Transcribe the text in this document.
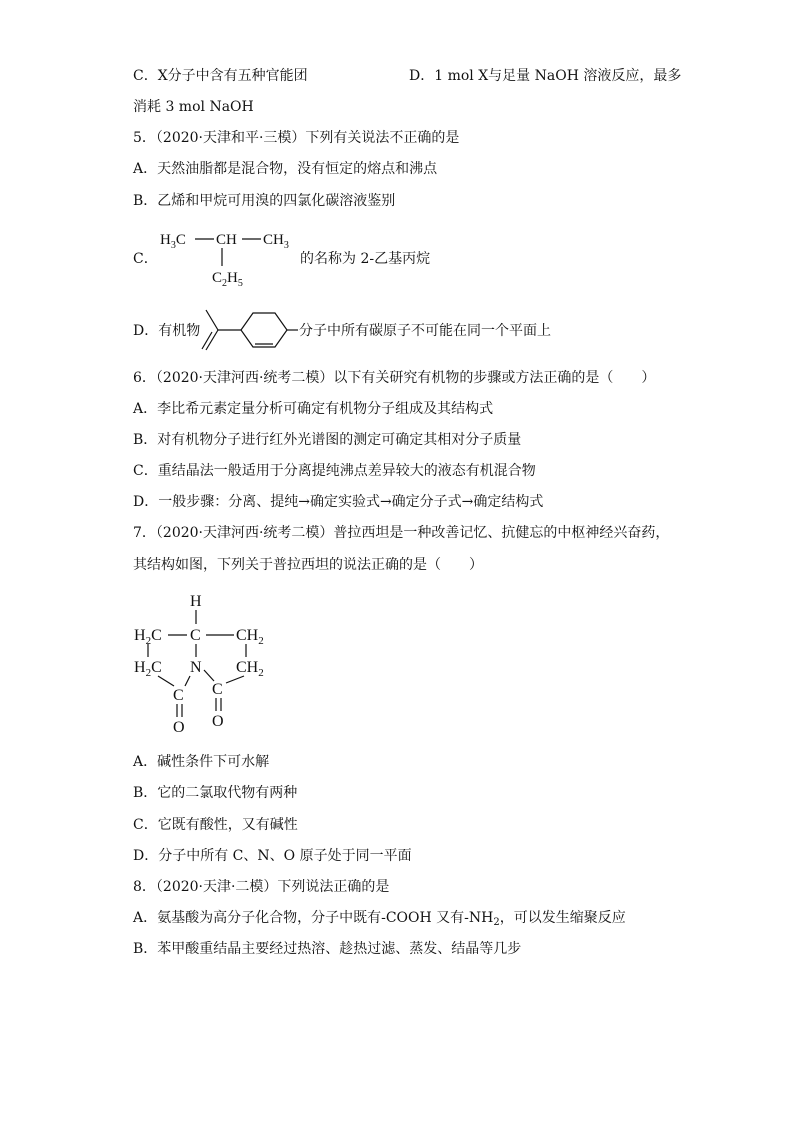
C．X分子中含有五种官能团	D．1 mol X与足量 NaOH 溶液反应，最多
消耗 3 mol NaOH
5．（2020·天津和平·三模）下列有关说法不正确的是
A．天然油脂都是混合物，没有恒定的熔点和沸点
B．乙烯和甲烷可用溴的四氯化碳溶液鉴别
C．
$H_3C$ CH $CH_3$
$C_2H_5$
的名称为 2-乙基丙烷
D．有机物	分子中所有碳原子不可能在同一个平面上
6．（2020·天津河西·统考二模）以下有关研究有机物的步骤或方法正确的是（　　）
A．李比希元素定量分析可确定有机物分子组成及其结构式
B．对有机物分子进行红外光谱图的测定可确定其相对分子质量
C．重结晶法一般适用于分离提纯沸点差异较大的液态有机混合物
D．一般步骤：分离、提纯→确定实验式→确定分子式→确定结构式
7．（2020·天津河西·统考二模）普拉西坦是一种改善记忆、抗健忘的中枢神经兴奋药，
其结构如图，下列关于普拉西坦的说法正确的是（　　）
H
$H_2C$ C $CH_2$
$H_2C$ N $CH_2$
C C
O O
A．碱性条件下可水解
B．它的二氯取代物有两种
C．它既有酸性，又有碱性
D．分子中所有 C、N、O 原子处于同一平面
8．（2020·天津·二模）下列说法正确的是
A．氨基酸为高分子化合物，分子中既有-COOH 又有$-NH_2$，可以发生缩聚反应
B．苯甲酸重结晶主要经过热溶、趁热过滤、蒸发、结晶等几步
